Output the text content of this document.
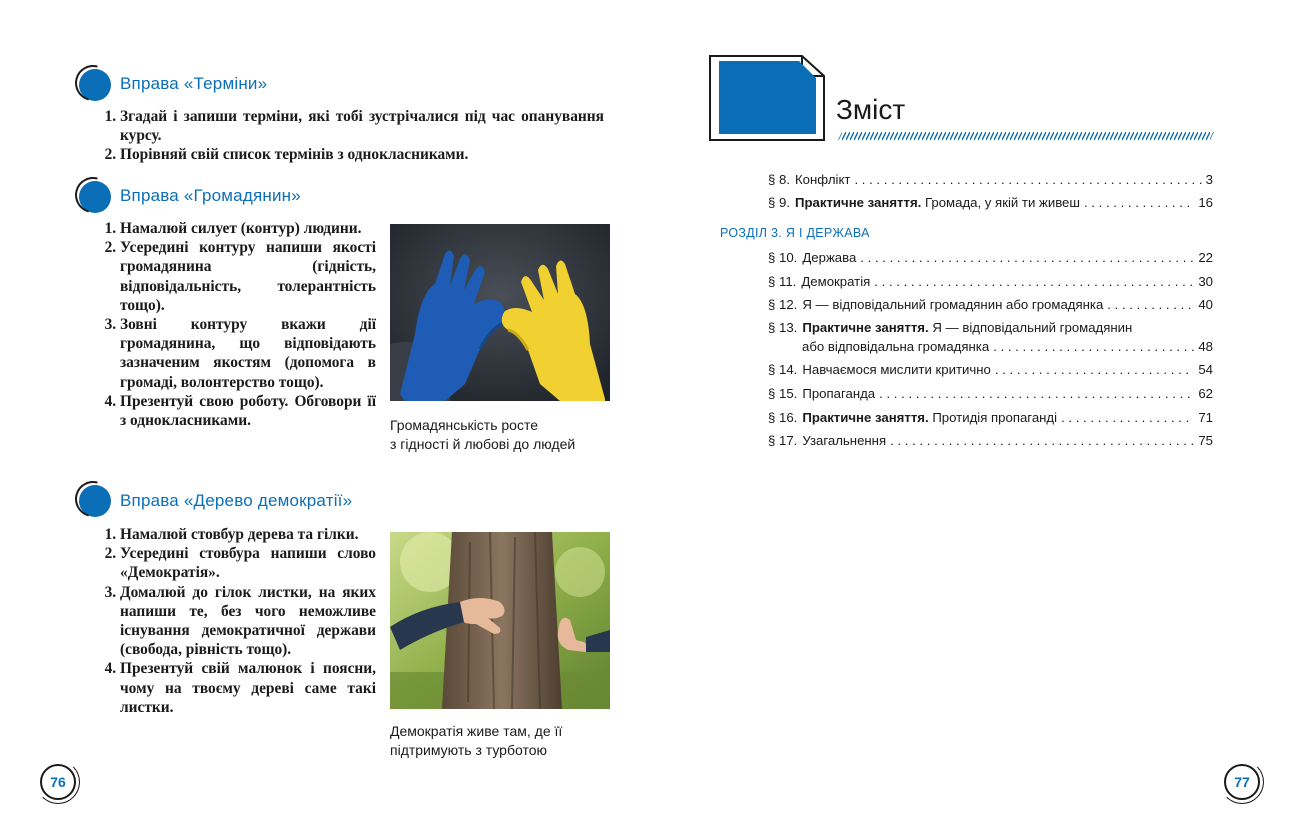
Вправа «Терміни»
1. Згадай і запиши терміни, які тобі зустрічалися під час опанування курсу.
2. Порівняй свій список термінів з однокласниками.
Вправа «Громадянин»
1. Намалюй силует (контур) людини.
2. Усередині контуру напиши якості громадянина (гідність, відповідальність, толерантність тощо).
3. Зовні контуру вкажи дії громадянина, що відповідають зазначеним якостям (допомога в громаді, волонтерство тощо).
4. Презентуй свою роботу. Обговори її з однокласниками.	Громадянськість росте
з гідності й любові до людей
Вправа «Дерево демократії»
1. Намалюй стовбур дерева та гілки.
2. Усередині стовбура напиши слово «Демократія».
3. Домалюй до гілок листки, на яких напиши те, без чого неможливе існування демократичної держави (свобода, рівність тощо).
4. Презентуй свій малюнок і поясни, чому на твоєму дереві саме такі листки.
Демократія живе там, де її
підтримують з турботою
76
Зміст
§ 8. Конфлікт . . .	3
§ 9. Практичне заняття. Громада, у якій ти живеш . . .	16
РОЗДІЛ 3. Я І ДЕРЖАВА
§ 10. Держава . . .	22
§ 11. Демократія . . .	30
§ 12. Я — відповідальний громадянин або громадянка . . .	40
§ 13. Практичне заняття. Я — відповідальний громадянин
або відповідальна громадянка . . .	48
§ 14. Навчаємося мислити критично . . .	54
§ 15. Пропаганда . . .	62
§ 16. Практичне заняття. Протидія пропаганді . . .	71
§ 17. Узагальнення . . .	75
77
